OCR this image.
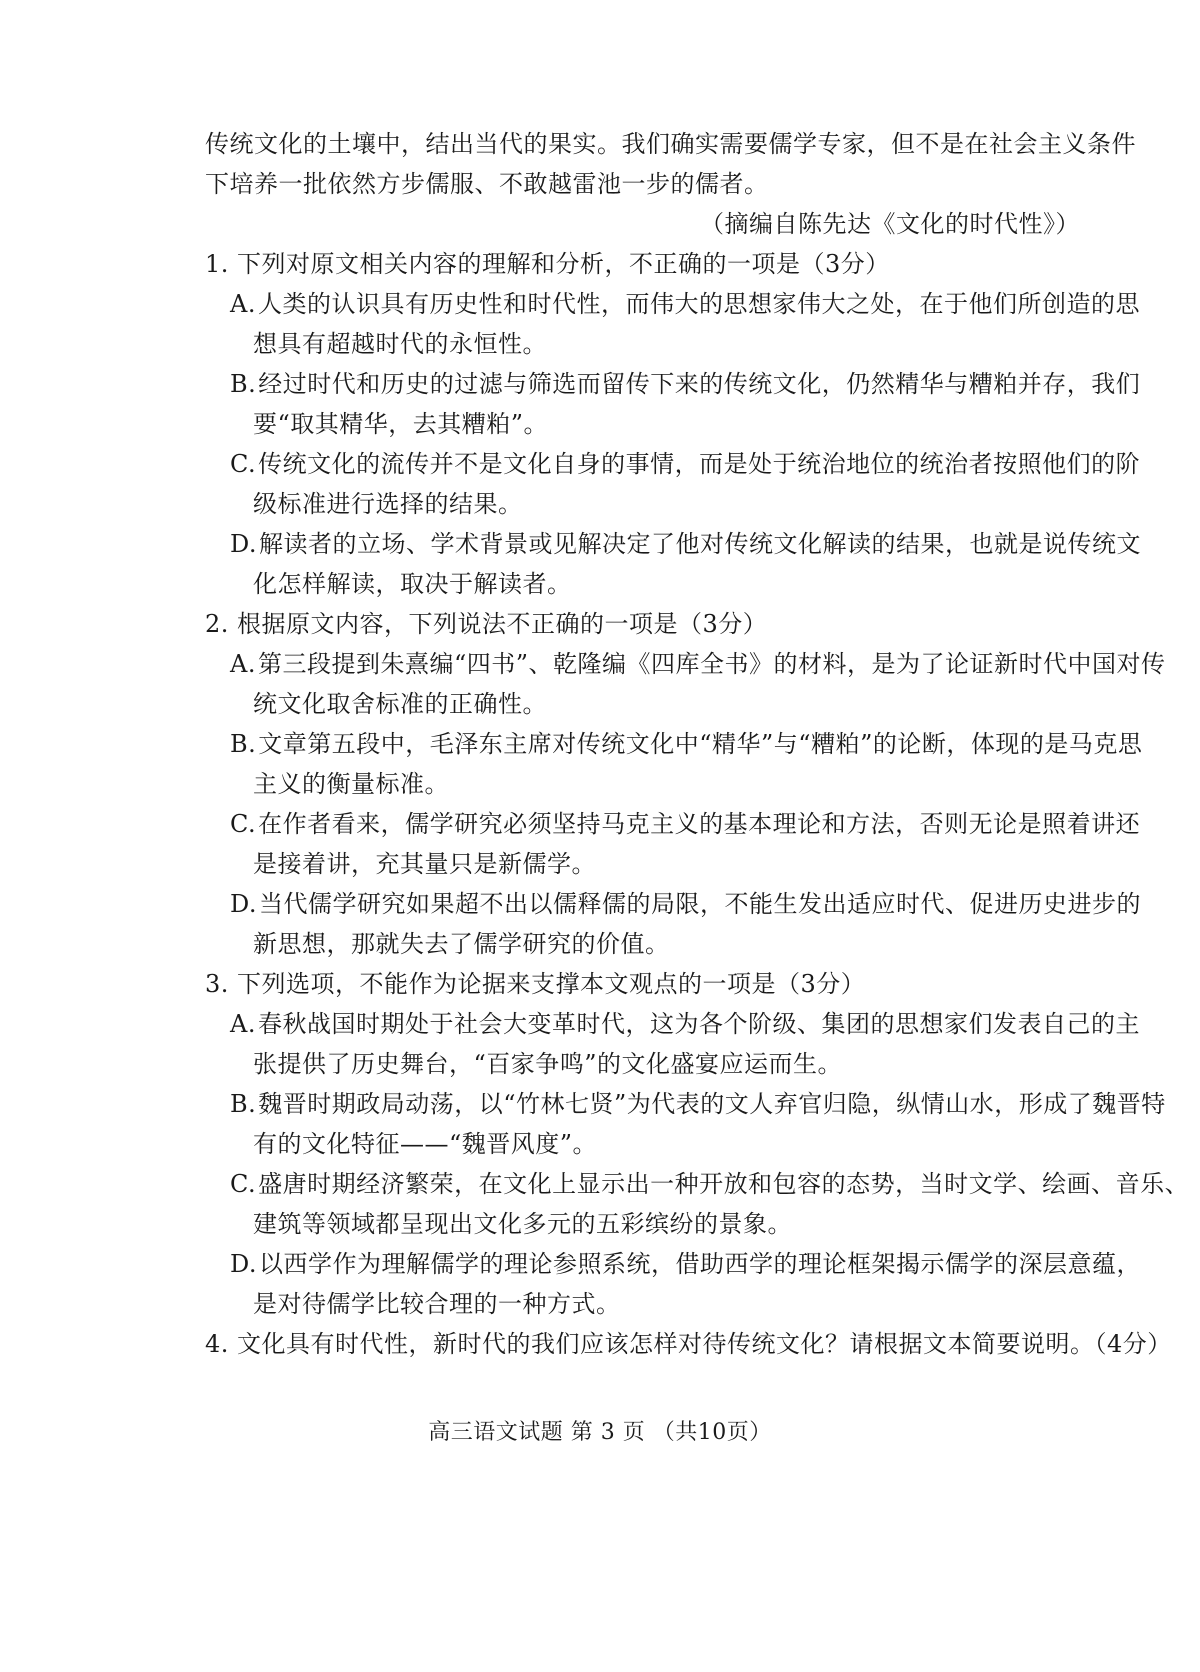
传统文化的土壤中，结出当代的果实。我们确实需要儒学专家，但不是在社会主义条件
下培养一批依然方步儒服、不敢越雷池一步的儒者。
（摘编自陈先达《文化的时代性》）
1. 下列对原文相关内容的理解和分析，不正确的一项是（3分）
A.人类的认识具有历史性和时代性，而伟大的思想家伟大之处，在于他们所创造的思
想具有超越时代的永恒性。
B.经过时代和历史的过滤与筛选而留传下来的传统文化，仍然精华与糟粕并存，我们
要“取其精华，去其糟粕”。
C.传统文化的流传并不是文化自身的事情，而是处于统治地位的统治者按照他们的阶
级标准进行选择的结果。
D.解读者的立场、学术背景或见解决定了他对传统文化解读的结果，也就是说传统文
化怎样解读，取决于解读者。
2. 根据原文内容，下列说法不正确的一项是（3分）
A.第三段提到朱熹编“四书”、乾隆编《四库全书》的材料，是为了论证新时代中国对传
统文化取舍标准的正确性。
B.文章第五段中，毛泽东主席对传统文化中“精华”与“糟粕”的论断，体现的是马克思
主义的衡量标准。
C.在作者看来，儒学研究必须坚持马克主义的基本理论和方法，否则无论是照着讲还
是接着讲，充其量只是新儒学。
D.当代儒学研究如果超不出以儒释儒的局限，不能生发出适应时代、促进历史进步的
新思想，那就失去了儒学研究的价值。
3. 下列选项，不能作为论据来支撑本文观点的一项是（3分）
A.春秋战国时期处于社会大变革时代，这为各个阶级、集团的思想家们发表自己的主
张提供了历史舞台，“百家争鸣”的文化盛宴应运而生。
B.魏晋时期政局动荡，以“竹林七贤”为代表的文人弃官归隐，纵情山水，形成了魏晋特
有的文化特征——“魏晋风度”。
C.盛唐时期经济繁荣，在文化上显示出一种开放和包容的态势，当时文学、绘画、音乐、
建筑等领域都呈现出文化多元的五彩缤纷的景象。
D.以西学作为理解儒学的理论参照系统，借助西学的理论框架揭示儒学的深层意蕴，
是对待儒学比较合理的一种方式。
4. 文化具有时代性，新时代的我们应该怎样对待传统文化？请根据文本简要说明。（4分）
高三语文试题 第 3 页 （共10页）
